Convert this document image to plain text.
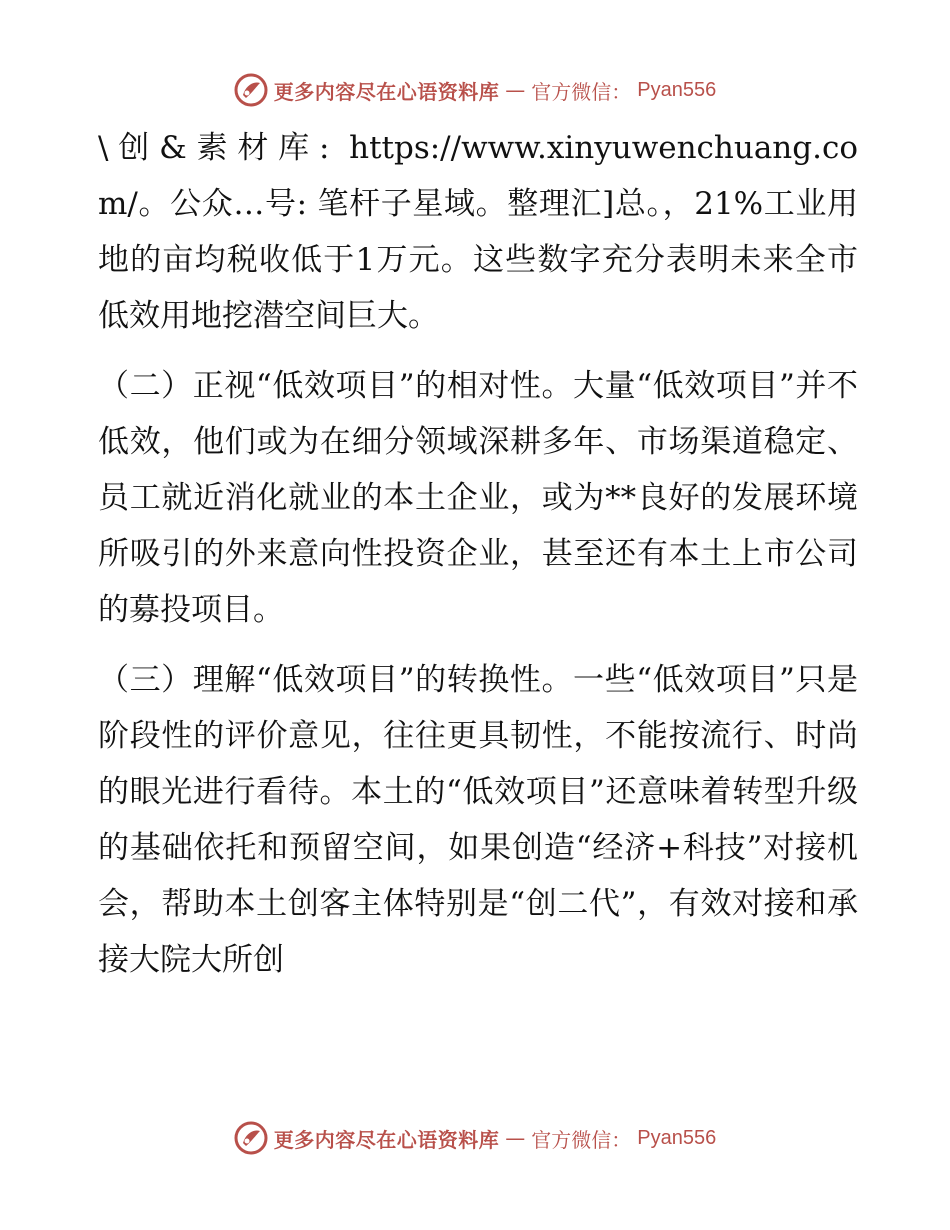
更多内容尽在心语资料库 — 官方微信： Pyan556

\创&素材库: https://www.xinyuwenchuang.com/。公众…号: 笔杆子星域。整理汇]总。，21%工业用地的亩均税收低于1万元。这些数字充分表明未来全市低效用地挖潜空间巨大。

（二）正视“低效项目”的相对性。大量“低效项目”并不低效，他们或为在细分领域深耕多年、市场渠道稳定、员工就近消化就业的本土企业，或为**良好的发展环境所吸引的外来意向性投资企业，甚至还有本土上市公司的募投项目。

（三）理解“低效项目”的转换性。一些“低效项目”只是阶段性的评价意见，往往更具韧性，不能按流行、时尚的眼光进行看待。本土的“低效项目”还意味着转型升级的基础依托和预留空间，如果创造“经济+科技”对接机会，帮助本土创客主体特别是“创二代”，有效对接和承接大院大所创

更多内容尽在心语资料库 — 官方微信： Pyan556
